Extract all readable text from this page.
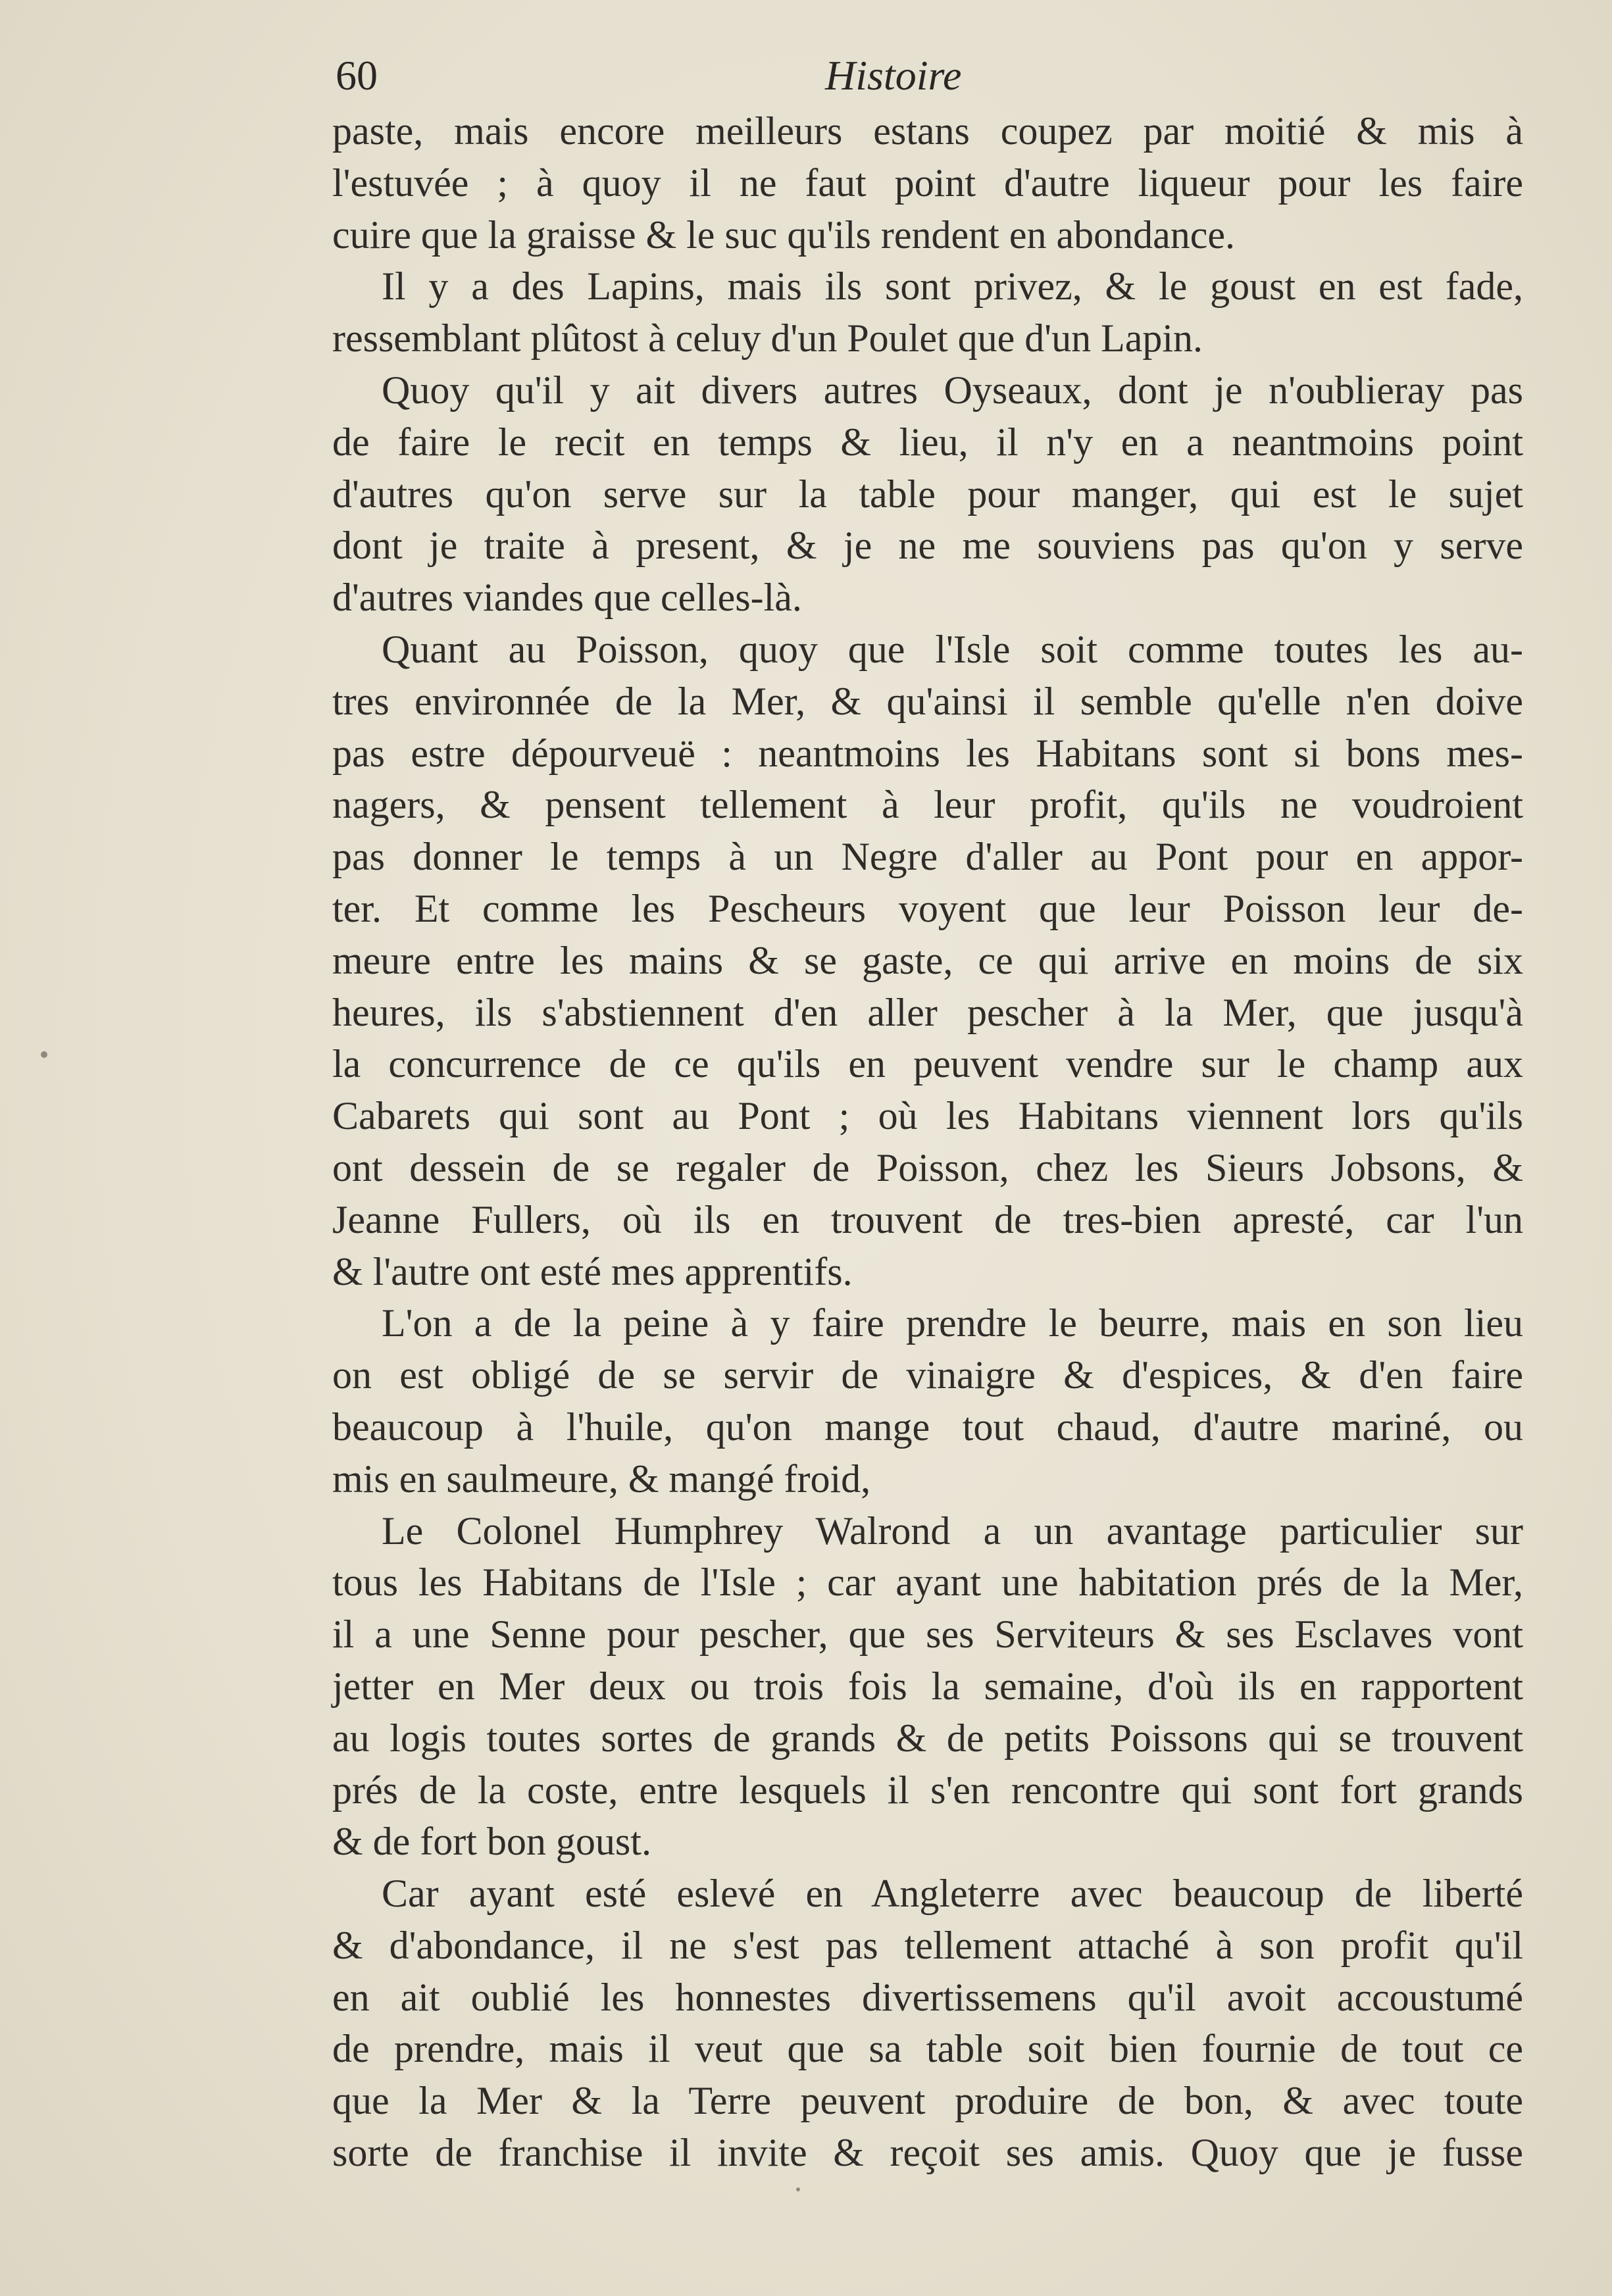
60	Histoire
paste, mais encore meilleurs estans coupez par moitié & mis à
l'estuvée ; à quoy il ne faut point d'autre liqueur pour les faire
cuire que la graisse & le suc qu'ils rendent en abondance.
Il y a des Lapins, mais ils sont privez, & le goust en est fade,
ressemblant plûtost à celuy d'un Poulet que d'un Lapin.
Quoy qu'il y ait divers autres Oyseaux, dont je n'oublieray pas
de faire le recit en temps & lieu, il n'y en a neantmoins point
d'autres qu'on serve sur la table pour manger, qui est le sujet
dont je traite à present, & je ne me souviens pas qu'on y serve
d'autres viandes que celles-là.
Quant au Poisson, quoy que l'Isle soit comme toutes les au-
tres environnée de la Mer, & qu'ainsi il semble qu'elle n'en doive
pas estre dépourveuë : neantmoins les Habitans sont si bons mes-
nagers, & pensent tellement à leur profit, qu'ils ne voudroient
pas donner le temps à un Negre d'aller au Pont pour en appor-
ter. Et comme les Pescheurs voyent que leur Poisson leur de-
meure entre les mains & se gaste, ce qui arrive en moins de six
heures, ils s'abstiennent d'en aller pescher à la Mer, que jusqu'à
la concurrence de ce qu'ils en peuvent vendre sur le champ aux
Cabarets qui sont au Pont ; où les Habitans viennent lors qu'ils
ont dessein de se regaler de Poisson, chez les Sieurs Jobsons, &
Jeanne Fullers, où ils en trouvent de tres-bien apresté, car l'un
& l'autre ont esté mes apprentifs.
L'on a de la peine à y faire prendre le beurre, mais en son lieu
on est obligé de se servir de vinaigre & d'espices, & d'en faire
beaucoup à l'huile, qu'on mange tout chaud, d'autre mariné, ou
mis en saulmeure, & mangé froid,
Le Colonel Humphrey Walrond a un avantage particulier sur
tous les Habitans de l'Isle ; car ayant une habitation prés de la Mer,
il a une Senne pour pescher, que ses Serviteurs & ses Esclaves vont
jetter en Mer deux ou trois fois la semaine, d'où ils en rapportent
au logis toutes sortes de grands & de petits Poissons qui se trouvent
prés de la coste, entre lesquels il s'en rencontre qui sont fort grands
& de fort bon goust.
Car ayant esté eslevé en Angleterre avec beaucoup de liberté
& d'abondance, il ne s'est pas tellement attaché à son profit qu'il
en ait oublié les honnestes divertissemens qu'il avoit accoustumé
de prendre, mais il veut que sa table soit bien fournie de tout ce
que la Mer & la Terre peuvent produire de bon, & avec toute
sorte de franchise il invite & reçoit ses amis. Quoy que je fusse
